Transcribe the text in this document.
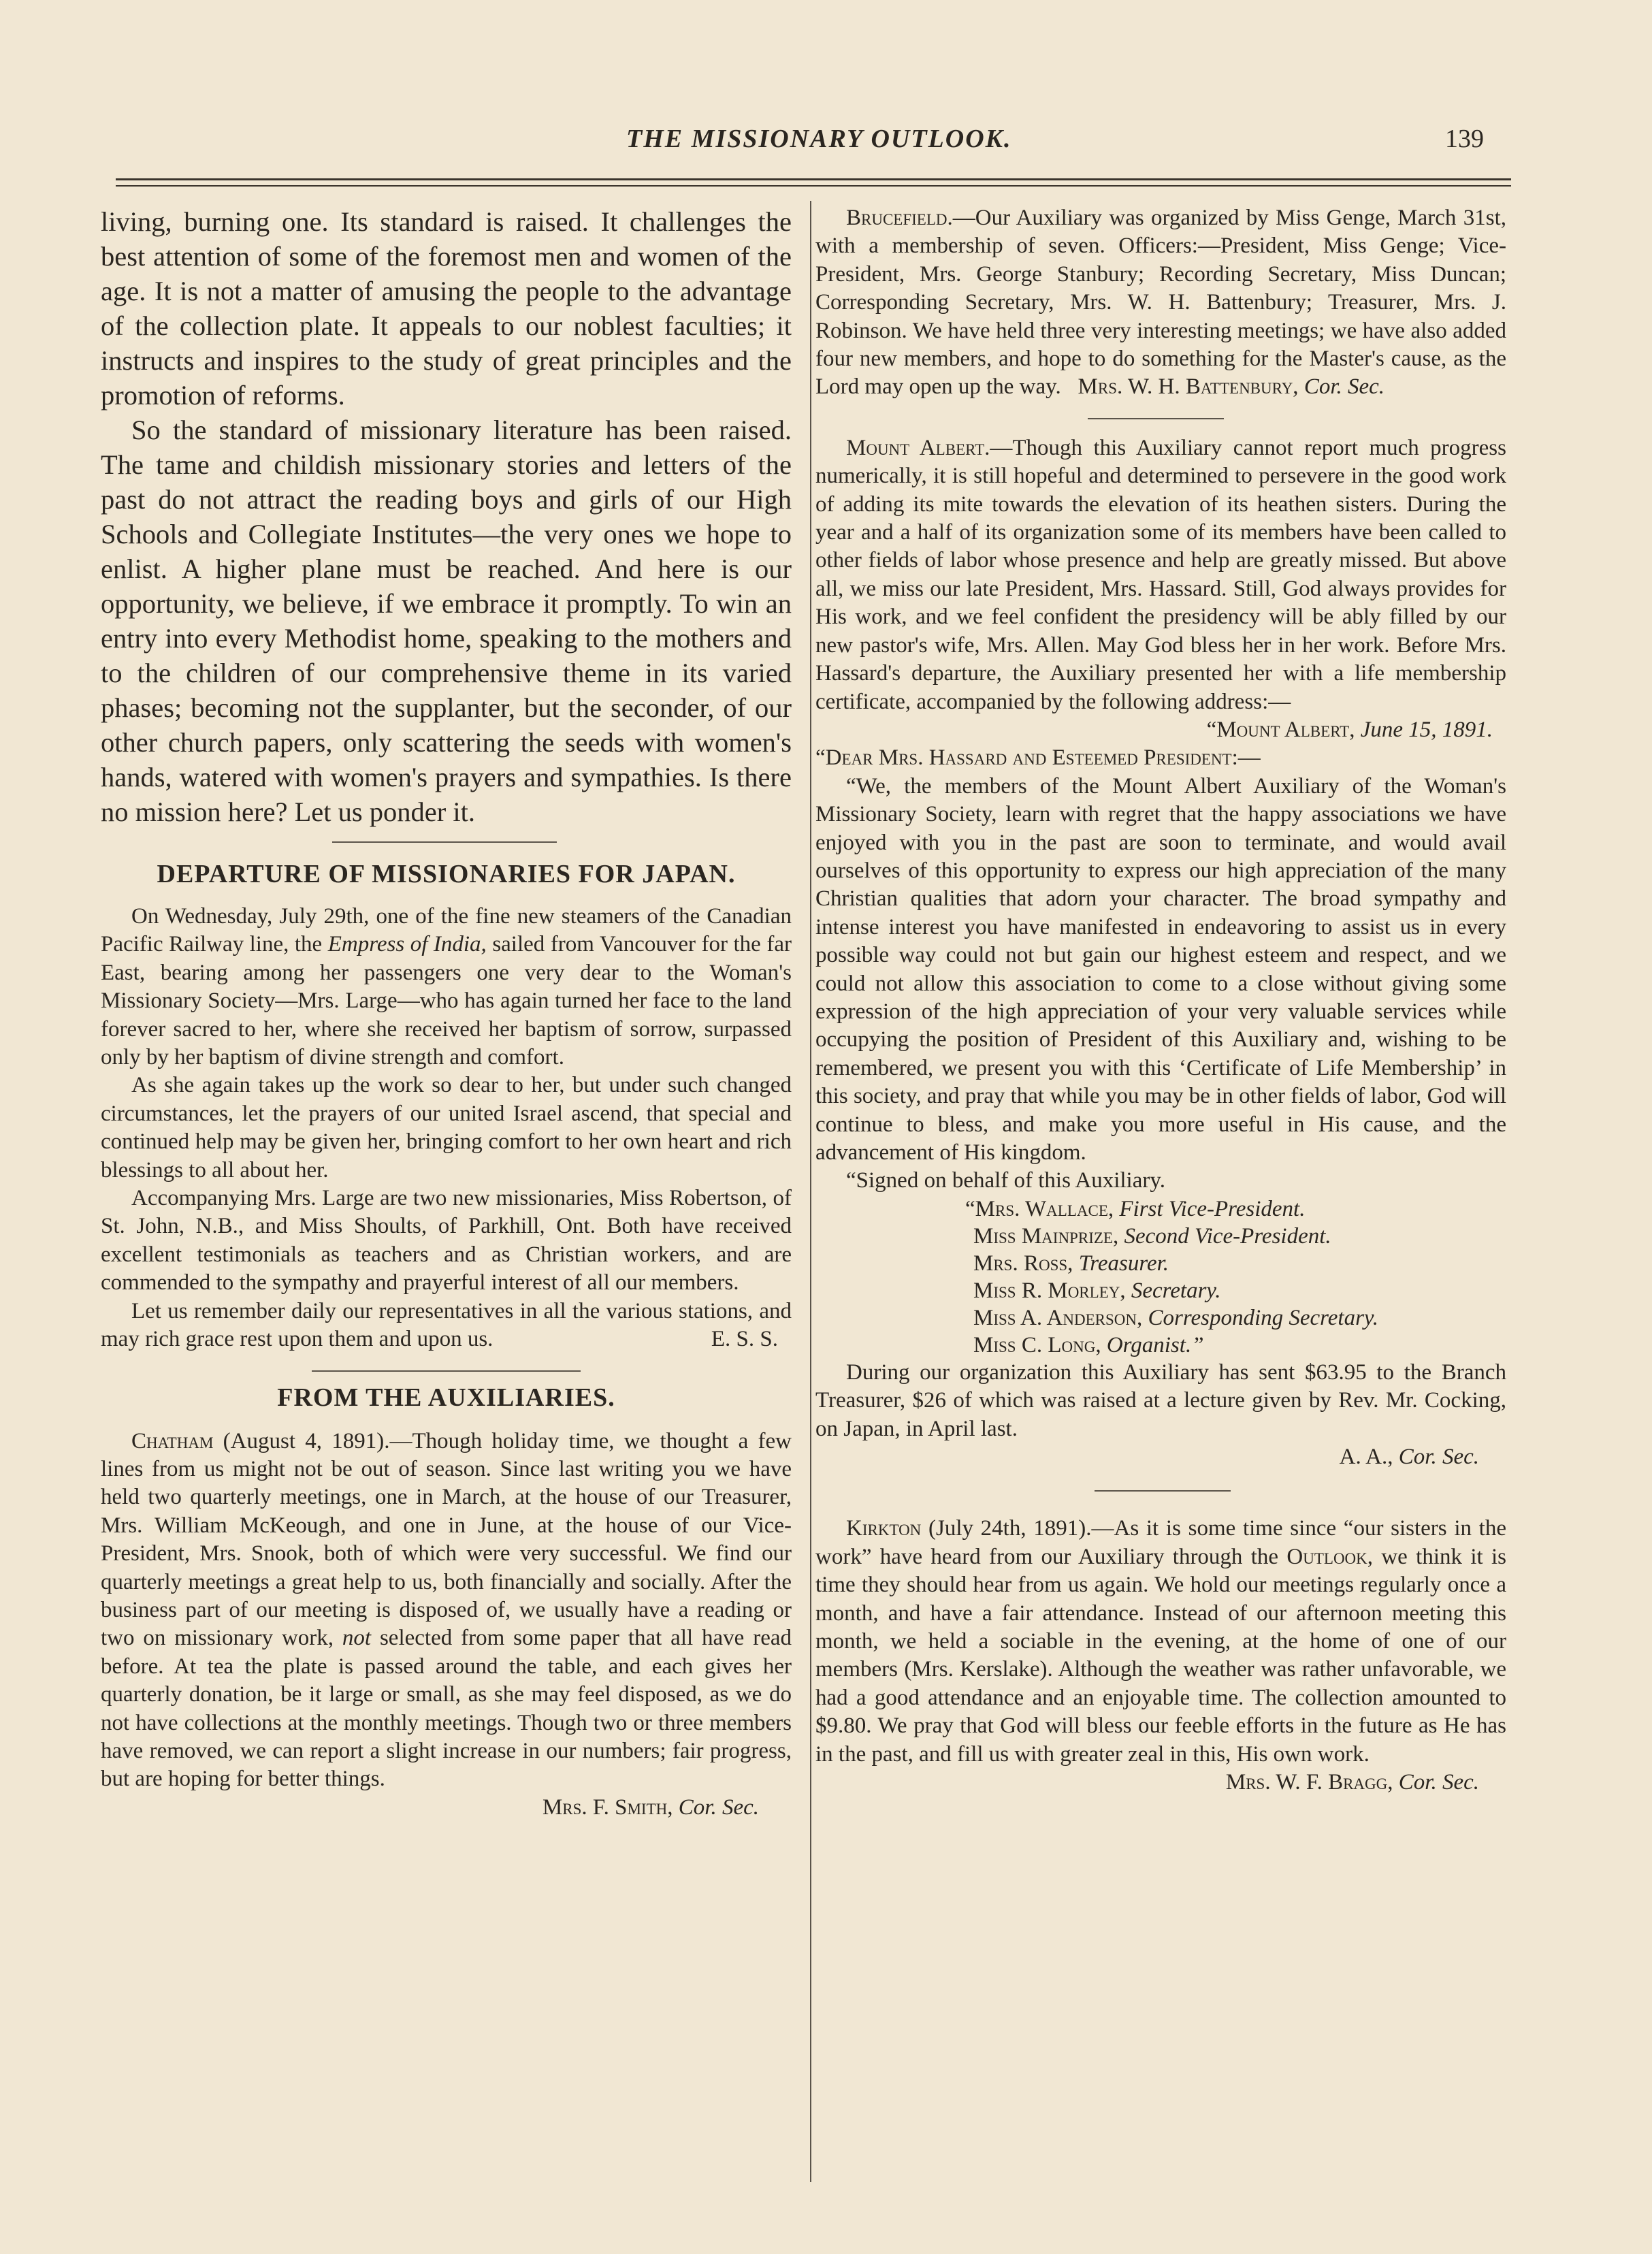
THE MISSIONARY OUTLOOK.	139

living, burning one. Its standard is raised. It challenges the best attention of some of the foremost men and women of the age. It is not a matter of amusing the people to the advantage of the collection plate. It appeals to our noblest faculties; it instructs and inspires to the study of great principles and the promotion of reforms.

So the standard of missionary literature has been raised. The tame and childish missionary stories and letters of the past do not attract the reading boys and girls of our High Schools and Collegiate Institutes—the very ones we hope to enlist. A higher plane must be reached. And here is our opportunity, we believe, if we embrace it promptly. To win an entry into every Methodist home, speaking to the mothers and to the children of our comprehensive theme in its varied phases; becoming not the supplanter, but the seconder, of our other church papers, only scattering the seeds with women's hands, watered with women's prayers and sympathies. Is there no mission here? Let us ponder it.

DEPARTURE OF MISSIONARIES FOR JAPAN.

On Wednesday, July 29th, one of the fine new steamers of the Canadian Pacific Railway line, the Empress of India, sailed from Vancouver for the far East, bearing among her passengers one very dear to the Woman's Missionary Society—Mrs. Large—who has again turned her face to the land forever sacred to her, where she received her baptism of sorrow, surpassed only by her baptism of divine strength and comfort.

As she again takes up the work so dear to her, but under such changed circumstances, let the prayers of our united Israel ascend, that special and continued help may be given her, bringing comfort to her own heart and rich blessings to all about her.

Accompanying Mrs. Large are two new missionaries, Miss Robertson, of St. John, N.B., and Miss Shoults, of Parkhill, Ont. Both have received excellent testimonials as teachers and as Christian workers, and are commended to the sympathy and prayerful interest of all our members.

Let us remember daily our representatives in all the various stations, and may rich grace rest upon them and upon us.	E. S. S.

FROM THE AUXILIARIES.

Chatham (August 4, 1891).—Though holiday time, we thought a few lines from us might not be out of season. Since last writing you we have held two quarterly meetings, one in March, at the house of our Treasurer, Mrs. William McKeough, and one in June, at the house of our Vice-President, Mrs. Snook, both of which were very successful. We find our quarterly meetings a great help to us, both financially and socially. After the business part of our meeting is disposed of, we usually have a reading or two on missionary work, not selected from some paper that all have read before. At tea the plate is passed around the table, and each gives her quarterly donation, be it large or small, as she may feel disposed, as we do not have collections at the monthly meetings. Though two or three members have removed, we can report a slight increase in our numbers; fair progress, but are hoping for better things.

Mrs. F. Smith, Cor. Sec.

Brucefield.—Our Auxiliary was organized by Miss Genge, March 31st, with a membership of seven. Officers:—President, Miss Genge; Vice-President, Mrs. George Stanbury; Recording Secretary, Miss Duncan; Corresponding Secretary, Mrs. W. H. Battenbury; Treasurer, Mrs. J. Robinson. We have held three very interesting meetings; we have also added four new members, and hope to do something for the Master's cause, as the Lord may open up the way. Mrs. W. H. Battenbury, Cor. Sec.

Mount Albert.—Though this Auxiliary cannot report much progress numerically, it is still hopeful and determined to persevere in the good work of adding its mite towards the elevation of its heathen sisters. During the year and a half of its organization some of its members have been called to other fields of labor whose presence and help are greatly missed. But above all, we miss our late President, Mrs. Hassard. Still, God always provides for His work, and we feel confident the presidency will be ably filled by our new pastor's wife, Mrs. Allen. May God bless her in her work. Before Mrs. Hassard's departure, the Auxiliary presented her with a life membership certificate, accompanied by the following address:—

“Mount Albert, June 15, 1891.

“Dear Mrs. Hassard and Esteemed President:—

“We, the members of the Mount Albert Auxiliary of the Woman's Missionary Society, learn with regret that the happy associations we have enjoyed with you in the past are soon to terminate, and would avail ourselves of this opportunity to express our high appreciation of the many Christian qualities that adorn your character. The broad sympathy and intense interest you have manifested in endeavoring to assist us in every possible way could not but gain our highest esteem and respect, and we could not allow this association to come to a close without giving some expression of the high appreciation of your very valuable services while occupying the position of President of this Auxiliary and, wishing to be remembered, we present you with this ‘Certificate of Life Membership’ in this society, and pray that while you may be in other fields of labor, God will continue to bless, and make you more useful in His cause, and the advancement of His kingdom.

“Signed on behalf of this Auxiliary.

“Mrs. Wallace, First Vice-President.
Miss Mainprize, Second Vice-President.
Mrs. Ross, Treasurer.
Miss R. Morley, Secretary.
Miss A. Anderson, Corresponding Secretary.
Miss C. Long, Organist.”

During our organization this Auxiliary has sent $63.95 to the Branch Treasurer, $26 of which was raised at a lecture given by Rev. Mr. Cocking, on Japan, in April last.

A. A., Cor. Sec.

Kirkton (July 24th, 1891).—As it is some time since “our sisters in the work” have heard from our Auxiliary through the Outlook, we think it is time they should hear from us again. We hold our meetings regularly once a month, and have a fair attendance. Instead of our afternoon meeting this month, we held a sociable in the evening, at the home of one of our members (Mrs. Kerslake). Although the weather was rather unfavorable, we had a good attendance and an enjoyable time. The collection amounted to $9.80. We pray that God will bless our feeble efforts in the future as He has in the past, and fill us with greater zeal in this, His own work.

Mrs. W. F. Bragg, Cor. Sec.
